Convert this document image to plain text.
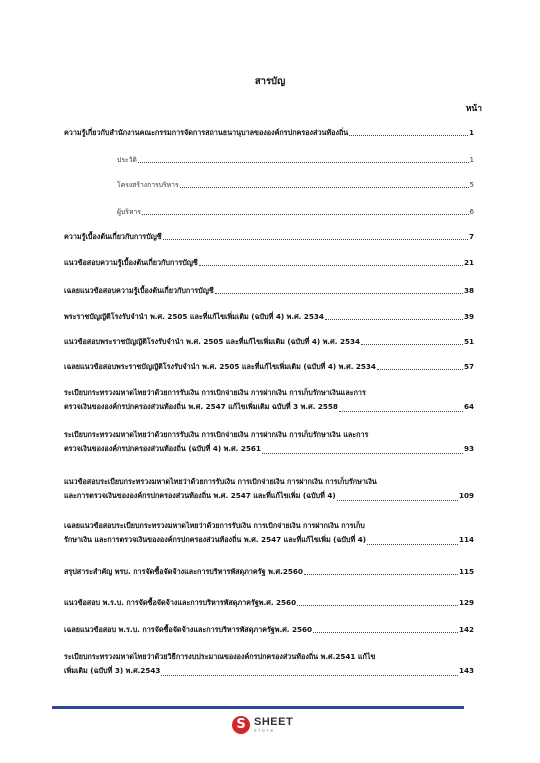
สารบัญ
หน้า
ความรู้เกี่ยวกับสำนักงานคณะกรรมการจัดการสถานธนานุบาลขององค์กรปกครองส่วนท้องถิ่น	1
ประวัติ	1
โครงสร้างการบริหาร	5
ผู้บริหาร	6
ความรู้เบื้องต้นเกี่ยวกับการบัญชี	7
แนวข้อสอบความรู้เบื้องต้นเกี่ยวกับการบัญชี	21
เฉลยแนวข้อสอบความรู้เบื้องต้นเกี่ยวกับการบัญชี	38
พระราชบัญญัติโรงรับจำนำ พ.ศ. 2505 และที่แก้ไขเพิ่มเติม (ฉบับที่ 4) พ.ศ. 2534	39
แนวข้อสอบพระราชบัญญัติโรงรับจำนำ พ.ศ. 2505 และที่แก้ไขเพิ่มเติม (ฉบับที่ 4) พ.ศ. 2534	51
เฉลยแนวข้อสอบพระราชบัญญัติโรงรับจำนำ พ.ศ. 2505 และที่แก้ไขเพิ่มเติม (ฉบับที่ 4) พ.ศ. 2534	57
ระเบียบกระทรวงมหาดไทยว่าด้วยการรับเงิน การเบิกจ่ายเงิน การฝากเงิน การเก็บรักษาเงินและการ
ตรวจเงินขององค์กรปกครองส่วนท้องถิ่น พ.ศ. 2547 แก้ไขเพิ่มเติม ฉบับที่ 3 พ.ศ. 2558	64
ระเบียบกระทรวงมหาดไทยว่าด้วยการรับเงิน การเบิกจ่ายเงิน การฝากเงิน การเก็บรักษาเงิน และการ
ตรวจเงินขององค์กรปกครองส่วนท้องถิ่น (ฉบับที่ 4) พ.ศ. 2561	93
แนวข้อสอบระเบียบกระทรวงมหาดไทยว่าด้วยการรับเงิน การเบิกจ่ายเงิน การฝากเงิน การเก็บรักษาเงิน
และการตรวจเงินขององค์กรปกครองส่วนท้องถิ่น พ.ศ. 2547 และที่แก้ไขเพิ่ม (ฉบับที่ 4)	109
เฉลยแนวข้อสอบระเบียบกระทรวงมหาดไทยว่าด้วยการรับเงิน การเบิกจ่ายเงิน การฝากเงิน การเก็บ
รักษาเงิน และการตรวจเงินขององค์กรปกครองส่วนท้องถิ่น พ.ศ. 2547 และที่แก้ไขเพิ่ม (ฉบับที่ 4)	114
สรุปสาระสำคัญ พรบ. การจัดซื้อจัดจ้างและการบริหารพัสดุภาครัฐ พ.ศ.2560	115
แนวข้อสอบ พ.ร.บ. การจัดซื้อจัดจ้างและการบริหารพัสดุภาครัฐพ.ศ. 2560	129
เฉลยแนวข้อสอบ พ.ร.บ. การจัดซื้อจัดจ้างและการบริหารพัสดุภาครัฐพ.ศ. 2560	142
ระเบียบกระทรวงมหาดไทยว่าด้วยวิธีการงบประมาณขององค์กรปกครองส่วนท้องถิ่น พ.ศ.2541 แก้ไข
เพิ่มเติม (ฉบับที่ 3) พ.ศ.2543	143
S
SHEET
store
